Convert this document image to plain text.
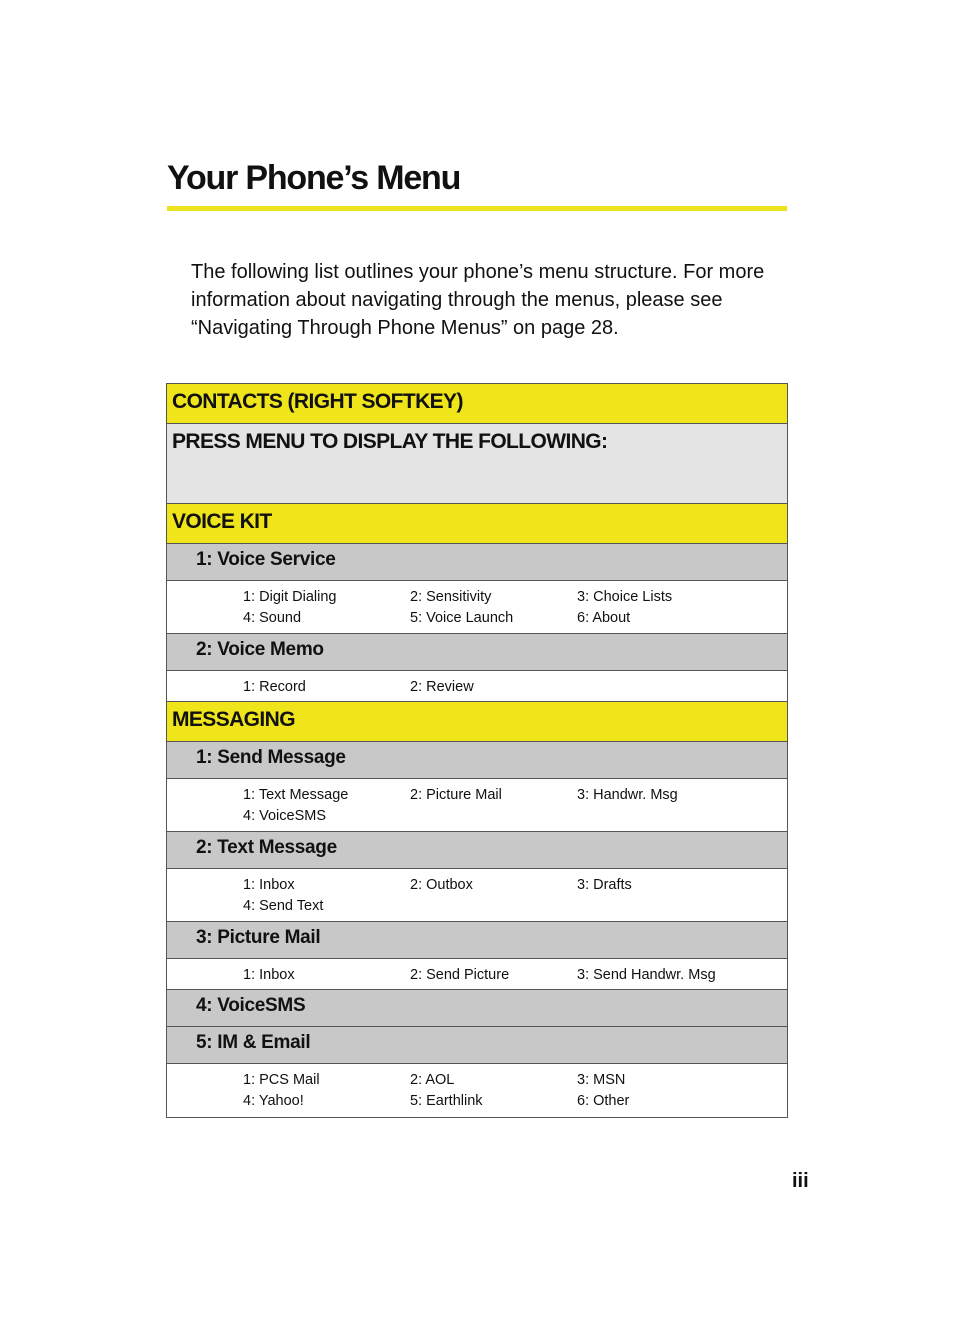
Your Phone’s Menu

The following list outlines your phone’s menu structure. For more information about navigating through the menus, please see “Navigating Through Phone Menus” on page 28.

CONTACTS (RIGHT SOFTKEY)
PRESS MENU TO DISPLAY THE FOLLOWING:
VOICE KIT
1: Voice Service
1: Digit Dialing	2: Sensitivity	3: Choice Lists
4: Sound	5: Voice Launch	6: About
2: Voice Memo
1: Record	2: Review
MESSAGING
1: Send Message
1: Text Message	2: Picture Mail	3: Handwr. Msg
4: VoiceSMS
2: Text Message
1: Inbox	2: Outbox	3: Drafts
4: Send Text
3: Picture Mail
1: Inbox	2: Send Picture	3: Send Handwr. Msg
4: VoiceSMS
5: IM & Email
1: PCS Mail	2: AOL	3: MSN
4: Yahoo!	5: Earthlink	6: Other
iii
